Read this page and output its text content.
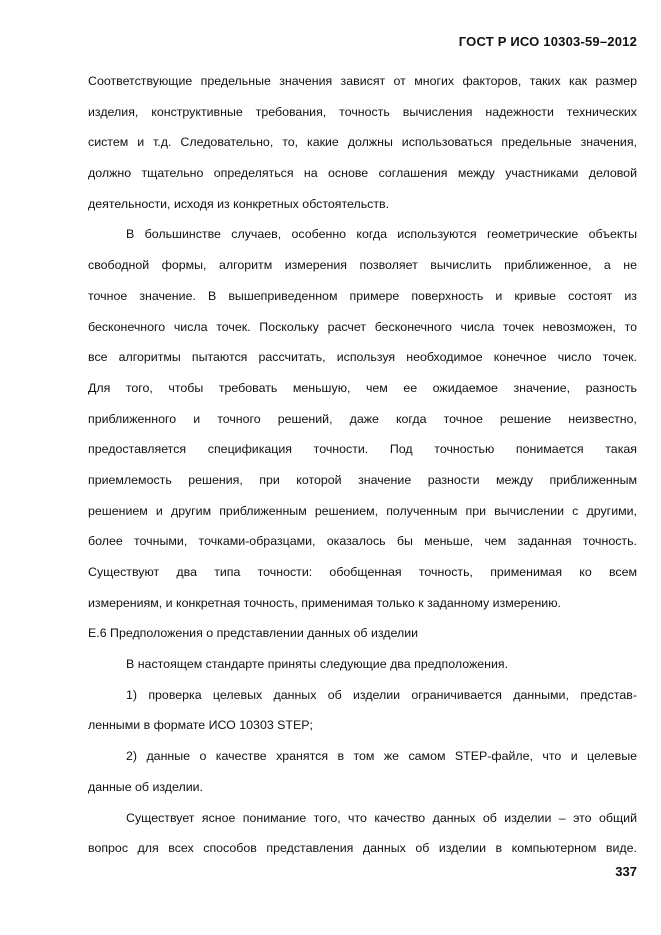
ГОСТ Р ИСО 10303-59–2012
Соответствующие предельные значения зависят от многих факторов, таких как размер
изделия, конструктивные требования, точность вычисления надежности технических
систем и т.д. Следовательно, то, какие должны использоваться предельные значения,
должно тщательно определяться на основе соглашения между участниками деловой
деятельности, исходя из конкретных обстоятельств.
В большинстве случаев, особенно когда используются геометрические объекты
свободной формы, алгоритм измерения позволяет вычислить приближенное, а не
точное значение. В вышеприведенном примере поверхность и кривые состоят из
бесконечного числа точек. Поскольку расчет бесконечного числа точек невозможен, то
все алгоритмы пытаются рассчитать, используя необходимое конечное число точек.
Для того, чтобы требовать меньшую, чем ее ожидаемое значение, разность
приближенного и точного решений, даже когда точное решение неизвестно,
предоставляется спецификация точности. Под точностью понимается такая
приемлемость решения, при которой значение разности между приближенным
решением и другим приближенным решением, полученным при вычислении с другими,
более точными, точками-образцами, оказалось бы меньше, чем заданная точность.
Существуют два типа точности: обобщенная точность, применимая ко всем
измерениям, и конкретная точность, применимая только к заданному измерению.
Е.6 Предположения о представлении данных об изделии
В настоящем стандарте приняты следующие два предположения.
1) проверка целевых данных об изделии ограничивается данными, представ-
ленными в формате ИСО 10303 STEP;
2) данные о качестве хранятся в том же самом STEP-файле, что и целевые
данные об изделии.
Существует ясное понимание того, что качество данных об изделии – это общий
вопрос для всех способов представления данных об изделии в компьютерном виде.
337
